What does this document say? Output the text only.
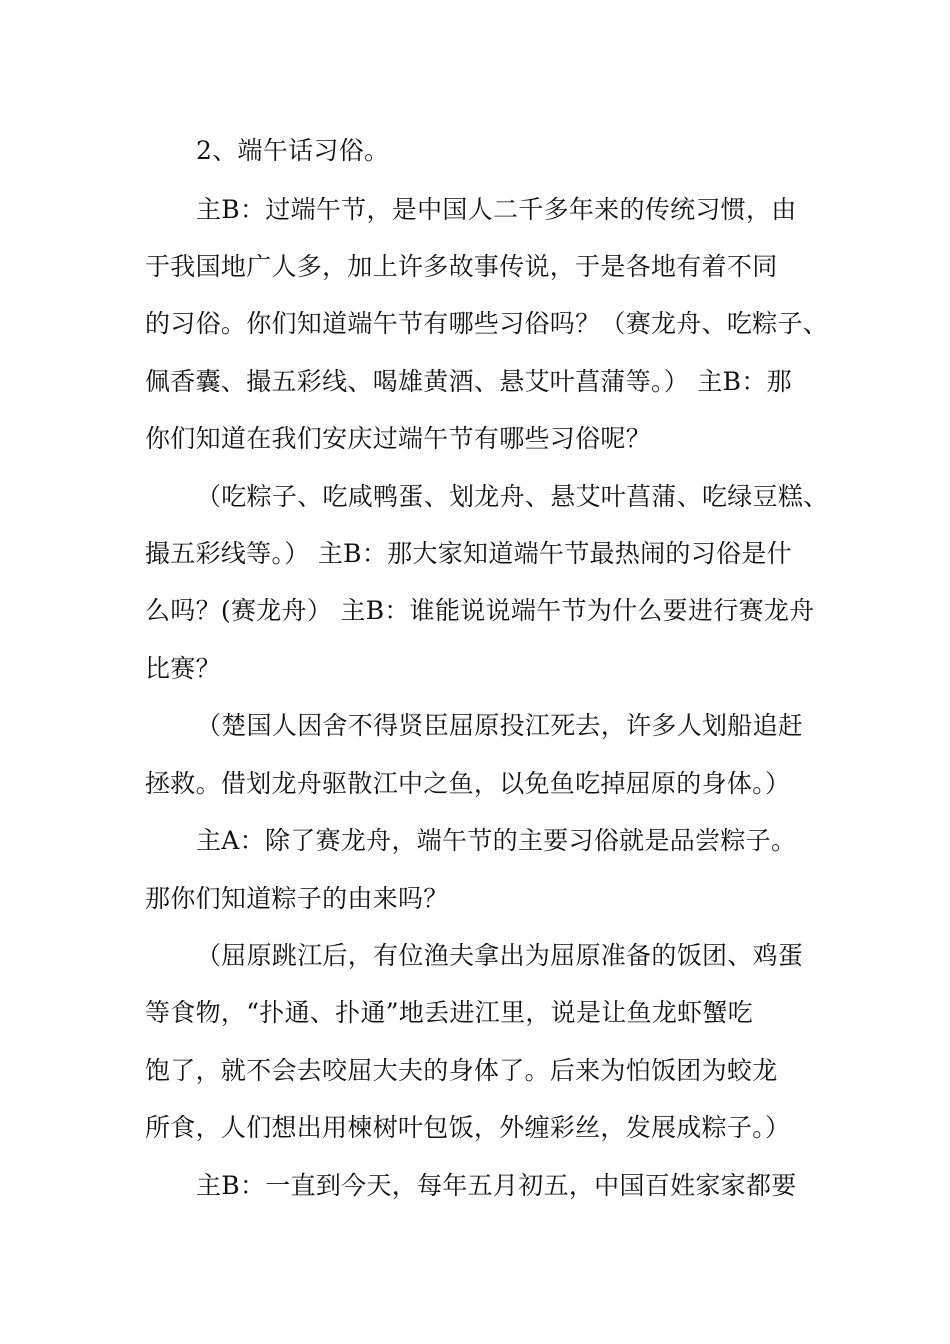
2、端午话习俗。
主B：过端午节，是中国人二千多年来的传统习惯，由
于我国地广人多，加上许多故事传说，于是各地有着不同
的习俗。你们知道端午节有哪些习俗吗？（赛龙舟、吃粽子、
佩香囊、撮五彩线、喝雄黄酒、悬艾叶菖蒲等。） 主B：那
你们知道在我们安庆过端午节有哪些习俗呢？
（吃粽子、吃咸鸭蛋、划龙舟、悬艾叶菖蒲、吃绿豆糕、
撮五彩线等。） 主B：那大家知道端午节最热闹的习俗是什
么吗？(赛龙舟） 主B：谁能说说端午节为什么要进行赛龙舟
比赛？
（楚国人因舍不得贤臣屈原投江死去，许多人划船追赶
拯救。借划龙舟驱散江中之鱼，以免鱼吃掉屈原的身体。）
主A：除了赛龙舟，端午节的主要习俗就是品尝粽子。
那你们知道粽子的由来吗？
（屈原跳江后，有位渔夫拿出为屈原准备的饭团、鸡蛋
等食物，“扑通、扑通”地丢进江里，说是让鱼龙虾蟹吃
饱了，就不会去咬屈大夫的身体了。后来为怕饭团为蛟龙
所食，人们想出用楝树叶包饭，外缠彩丝，发展成粽子。）
主B：一直到今天，每年五月初五，中国百姓家家都要
